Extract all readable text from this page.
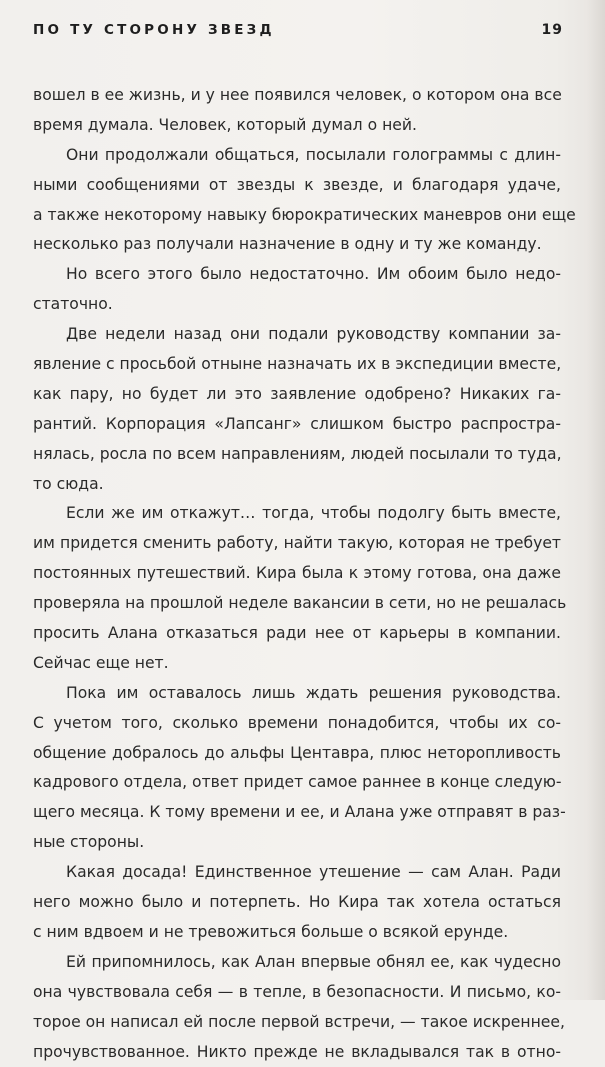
ПО ТУ СТОРОНУ ЗВЕЗД	19
вошел в ее жизнь, и у нее появился человек, о котором она все
время думала. Человек, который думал о ней.
Они продолжали общаться, посылали голограммы с длин-
ными сообщениями от звезды к звезде, и благодаря удаче,
а также некоторому навыку бюрократических маневров они еще
несколько раз получали назначение в одну и ту же команду.
Но всего этого было недостаточно. Им обоим было недо-
статочно.
Две недели назад они подали руководству компании за-
явление с просьбой отныне назначать их в экспедиции вместе,
как пару, но будет ли это заявление одобрено? Никаких га-
рантий. Корпорация «Лапсанг» слишком быстро распростра-
нялась, росла по всем направлениям, людей посылали то туда,
то сюда.
Если же им откажут… тогда, чтобы подолгу быть вместе,
им придется сменить работу, найти такую, которая не требует
постоянных путешествий. Кира была к этому готова, она даже
проверяла на прошлой неделе вакансии в сети, но не решалась
просить Алана отказаться ради нее от карьеры в компании.
Сейчас еще нет.
Пока им оставалось лишь ждать решения руководства.
С учетом того, сколько времени понадобится, чтобы их со-
общение добралось до альфы Центавра, плюс неторопливость
кадрового отдела, ответ придет самое раннее в конце следую-
щего месяца. К тому времени и ее, и Алана уже отправят в раз-
ные стороны.
Какая досада! Единственное утешение — сам Алан. Ради
него можно было и потерпеть. Но Кира так хотела остаться
с ним вдвоем и не тревожиться больше о всякой ерунде.
Ей припомнилось, как Алан впервые обнял ее, как чудесно
она чувствовала себя — в тепле, в безопасности. И письмо, ко-
торое он написал ей после первой встречи, — такое искреннее,
прочувствованное. Никто прежде не вкладывался так в отно-
